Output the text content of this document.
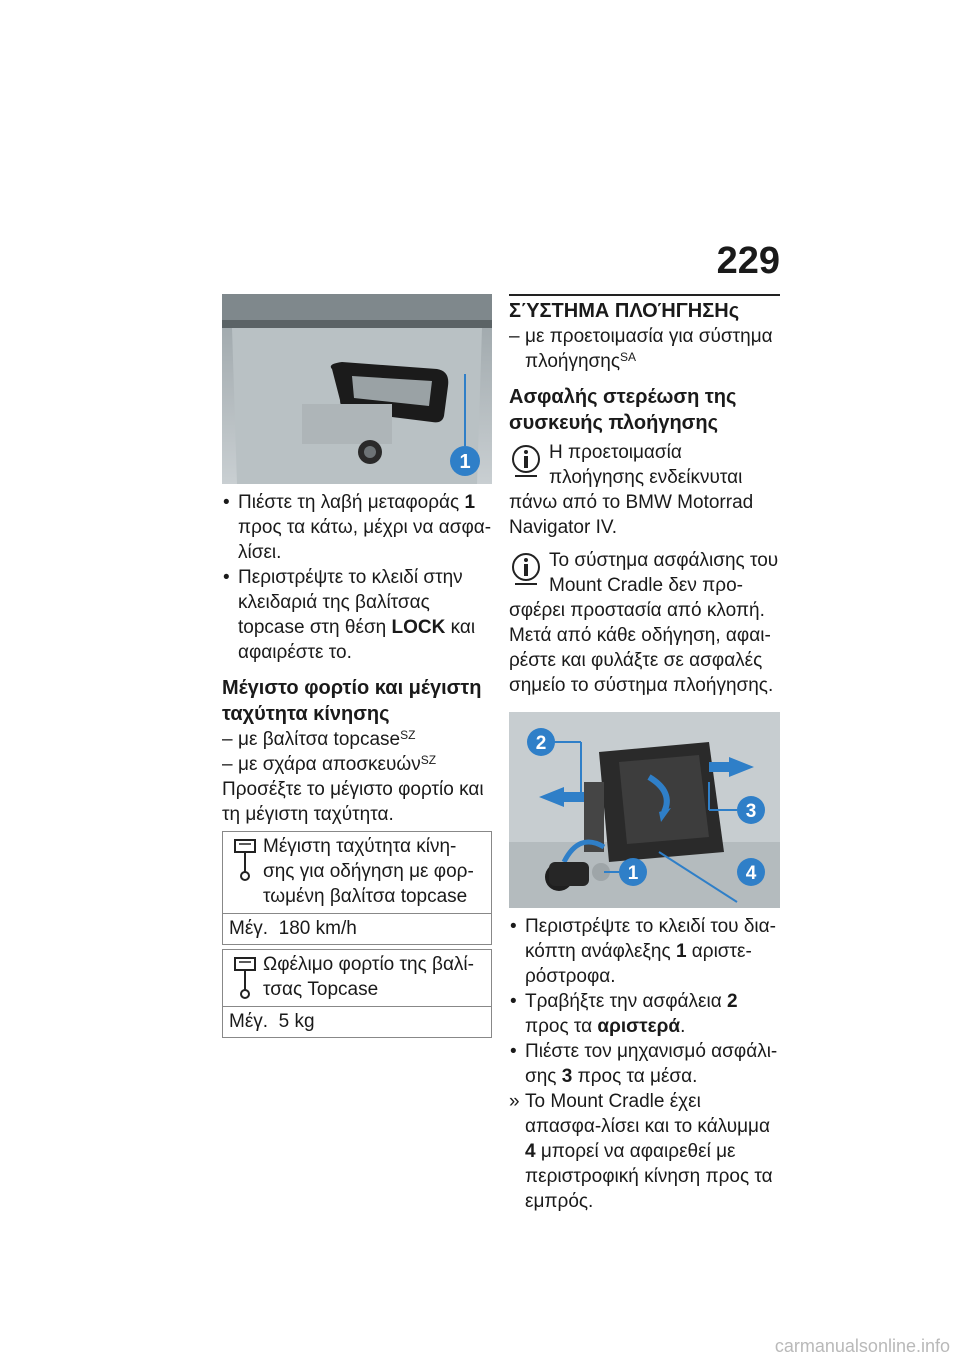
229
1
• Πιέστε τη λαβή μεταφοράς 1 προς τα κάτω, μέχρι να ασφα-λίσει.
• Περιστρέψτε το κλειδί στην κλειδαριά της βαλίτσας topcase στη θέση LOCK και αφαιρέστε το.
Μέγιστο φορτίο και μέγιστη ταχύτητα κίνησης
– με βαλίτσα topcase$^{SZ}$
– με σχάρα αποσκευών$^{SZ}$
Προσέξτε το μέγιστο φορτίο και τη μέγιστη ταχύτητα.
Μέγιστη ταχύτητα κίνη-σης για οδήγηση με φορ-τωμένη βαλίτσα topcase
Μέγ. 180 km/h
Ωφέλιμο φορτίο της βαλί-τσας Topcase
Μέγ. 5 kg
ΣΎΣΤΗΜΑ ΠΛΟΉΓΗΣΗς
– με προετοιμασία για σύστημα πλοήγησης$^{SA}$
Ασφαλής στερέωση της συσκευής πλοήγησης
Η προετοιμασία πλοήγησης ενδείκνυται πάνω από το BMW Motorrad Navigator IV.
Το σύστημα ασφάλισης του Mount Cradle δεν προ-σφέρει προστασία από κλοπή. Μετά από κάθε οδήγηση, αφαι-ρέστε και φυλάξτε σε ασφαλές σημείο το σύστημα πλοήγησης.
2
3
1	4
• Περιστρέψτε το κλειδί του δια-κόπτη ανάφλεξης 1 αριστε-ρόστροφα.
• Τραβήξτε την ασφάλεια 2 προς τα αριστερά.
• Πιέστε τον μηχανισμό ασφάλι-σης 3 προς τα μέσα.
» Το Mount Cradle έχει απασφα-λίσει και το κάλυμμα 4 μπορεί να αφαιρεθεί με περιστροφική κίνηση προς τα εμπρός.
carmanualsonline.info
